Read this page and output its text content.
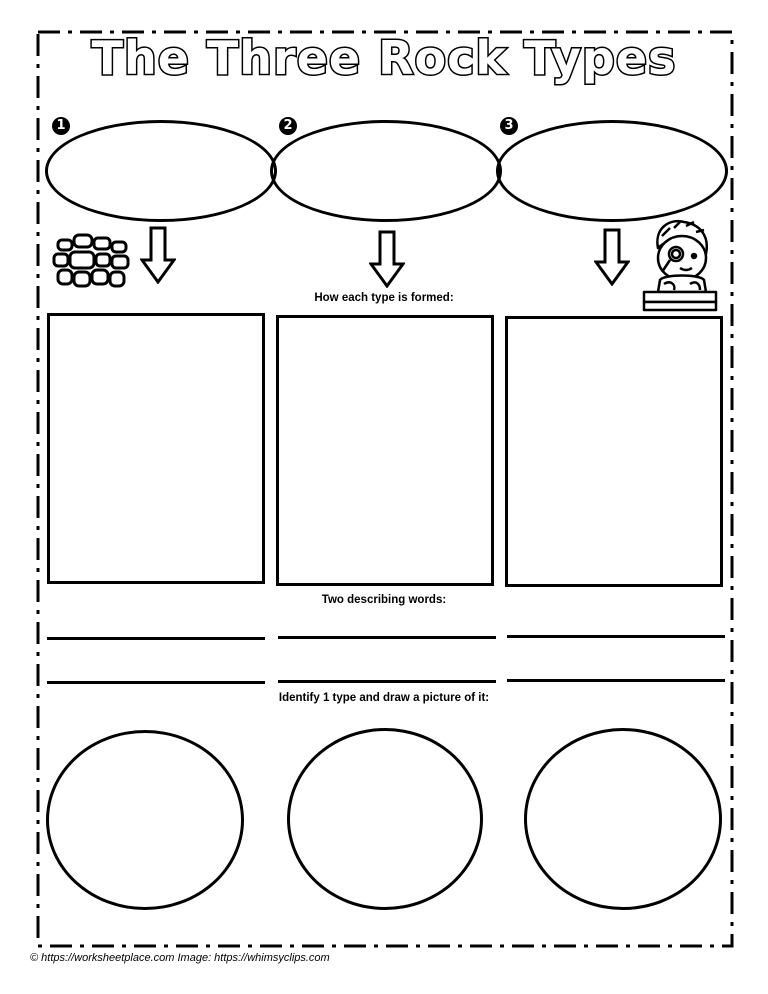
The Three Rock Types
1	2	3
How each type is formed:
Two describing words:
Identify 1 type and draw a picture of it:
© https://worksheetplace.com Image: https://whimsyclips.com
